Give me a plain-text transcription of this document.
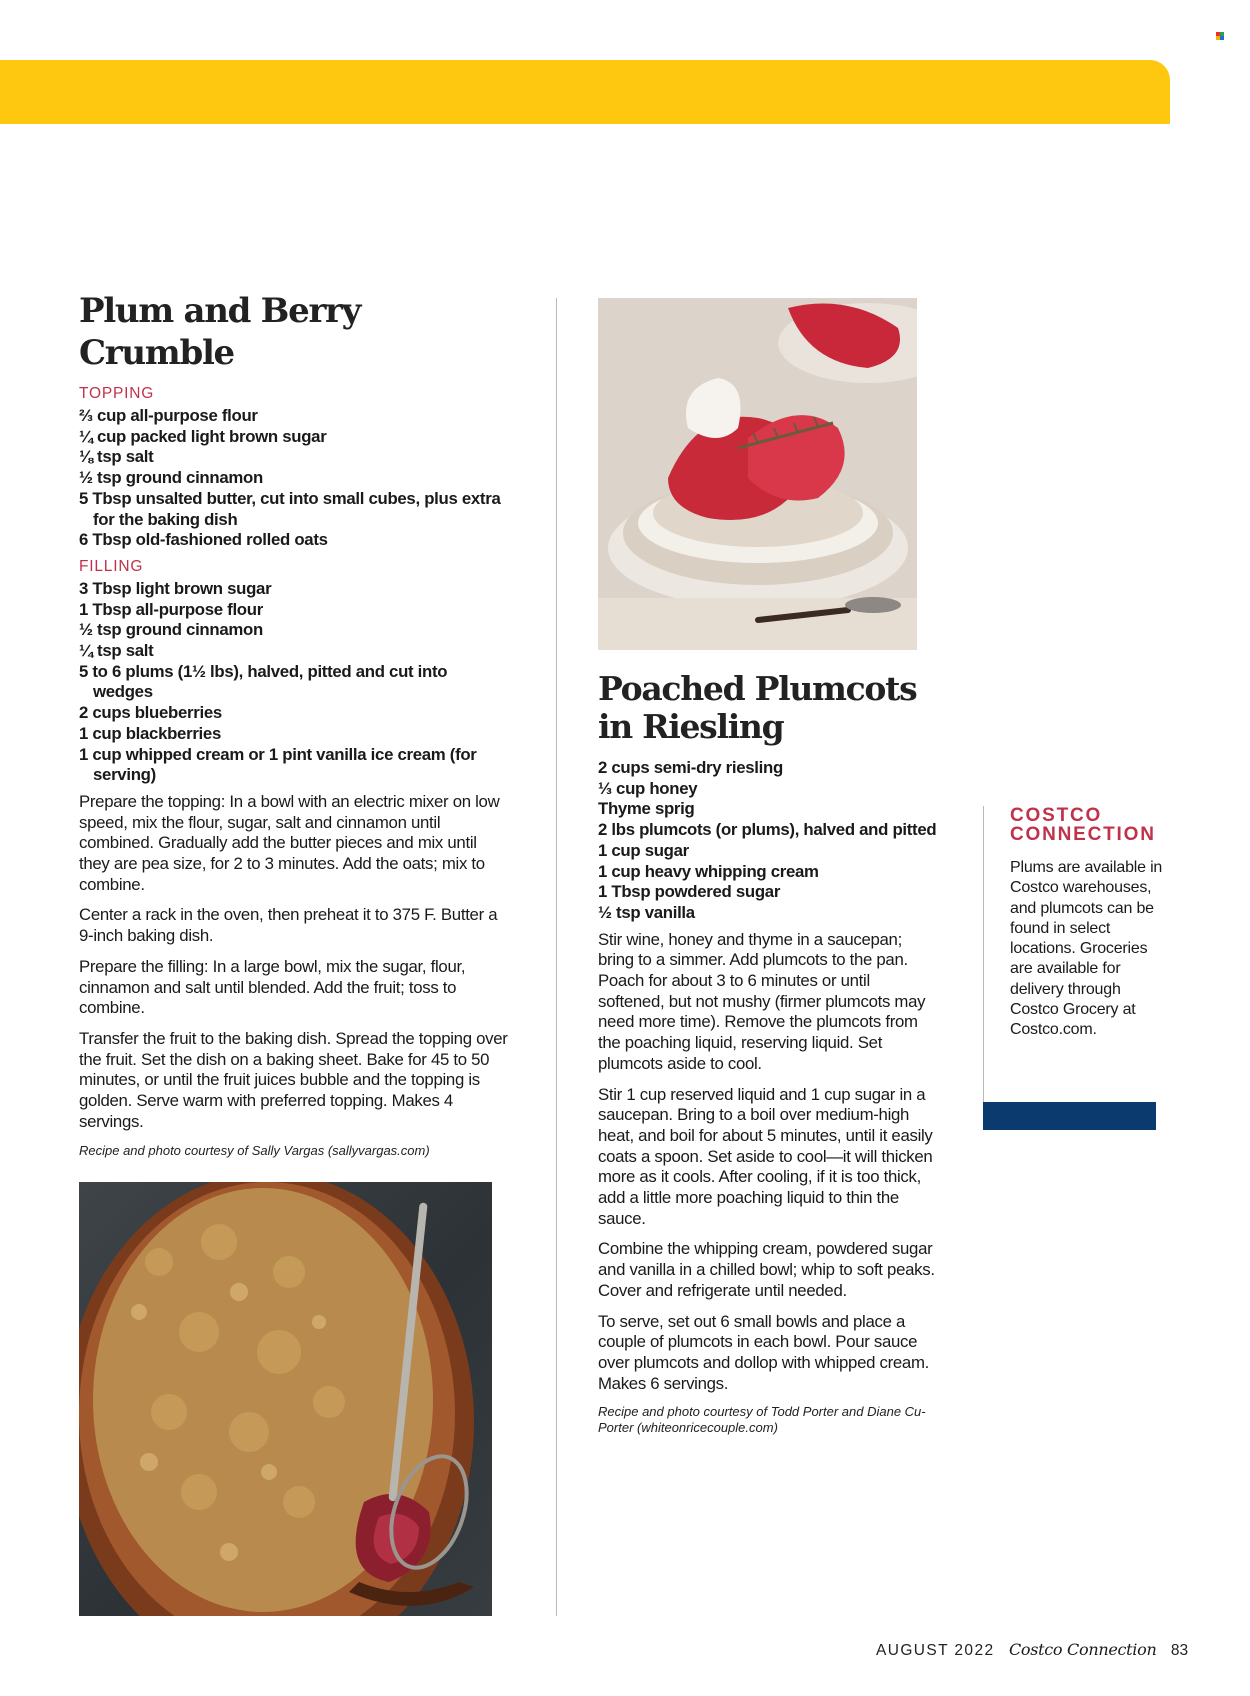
Plum and Berry Crumble
TOPPING
⅔ cup all-purpose flour
¼ cup packed light brown sugar
⅛ tsp salt
½ tsp ground cinnamon
5 Tbsp unsalted butter, cut into small cubes, plus extra for the baking dish
6 Tbsp old-fashioned rolled oats
FILLING
3 Tbsp light brown sugar
1 Tbsp all-purpose flour
½ tsp ground cinnamon
¼ tsp salt
5 to 6 plums (1½ lbs), halved, pitted and cut into wedges
2 cups blueberries
1 cup blackberries
1 cup whipped cream or 1 pint vanilla ice cream (for serving)

Prepare the topping: In a bowl with an electric mixer on low speed, mix the flour, sugar, salt and cinnamon until combined. Gradually add the butter pieces and mix until they are pea size, for 2 to 3 minutes. Add the oats; mix to combine.

Center a rack in the oven, then preheat it to 375 F. Butter a 9-inch baking dish.

Prepare the filling: In a large bowl, mix the sugar, flour, cinnamon and salt until blended. Add the fruit; toss to combine.

Transfer the fruit to the baking dish. Spread the topping over the fruit. Set the dish on a baking sheet. Bake for 45 to 50 minutes, or until the fruit juices bubble and the topping is golden. Serve warm with preferred topping. Makes 4 servings.

Recipe and photo courtesy of Sally Vargas (sallyvargas.com)

Poached Plumcots
in Riesling
2 cups semi-dry riesling
⅓ cup honey
Thyme sprig
2 lbs plumcots (or plums), halved and pitted
1 cup sugar
1 cup heavy whipping cream
1 Tbsp powdered sugar
½ tsp vanilla

Stir wine, honey and thyme in a saucepan; bring to a simmer. Add plumcots to the pan. Poach for about 3 to 6 minutes or until softened, but not mushy (firmer plumcots may need more time). Remove the plumcots from the poaching liquid, reserving liquid. Set plumcots aside to cool.

Stir 1 cup reserved liquid and 1 cup sugar in a saucepan. Bring to a boil over medium-high heat, and boil for about 5 minutes, until it easily coats a spoon. Set aside to cool—it will thicken more as it cools. After cooling, if it is too thick, add a little more poaching liquid to thin the sauce.

Combine the whipping cream, powdered sugar and vanilla in a chilled bowl; whip to soft peaks. Cover and refrigerate until needed.

To serve, set out 6 small bowls and place a couple of plumcots in each bowl. Pour sauce over plumcots and dollop with whipped cream. Makes 6 servings.

Recipe and photo courtesy of Todd Porter and Diane Cu-Porter (whiteonricecouple.com)

COSTCO
CONNECTION

Plums are available in Costco warehouses, and plumcots can be found in select locations. Groceries are available for delivery through Costco Grocery at Costco.com.

AUGUST 2022 Costco Connection 83
